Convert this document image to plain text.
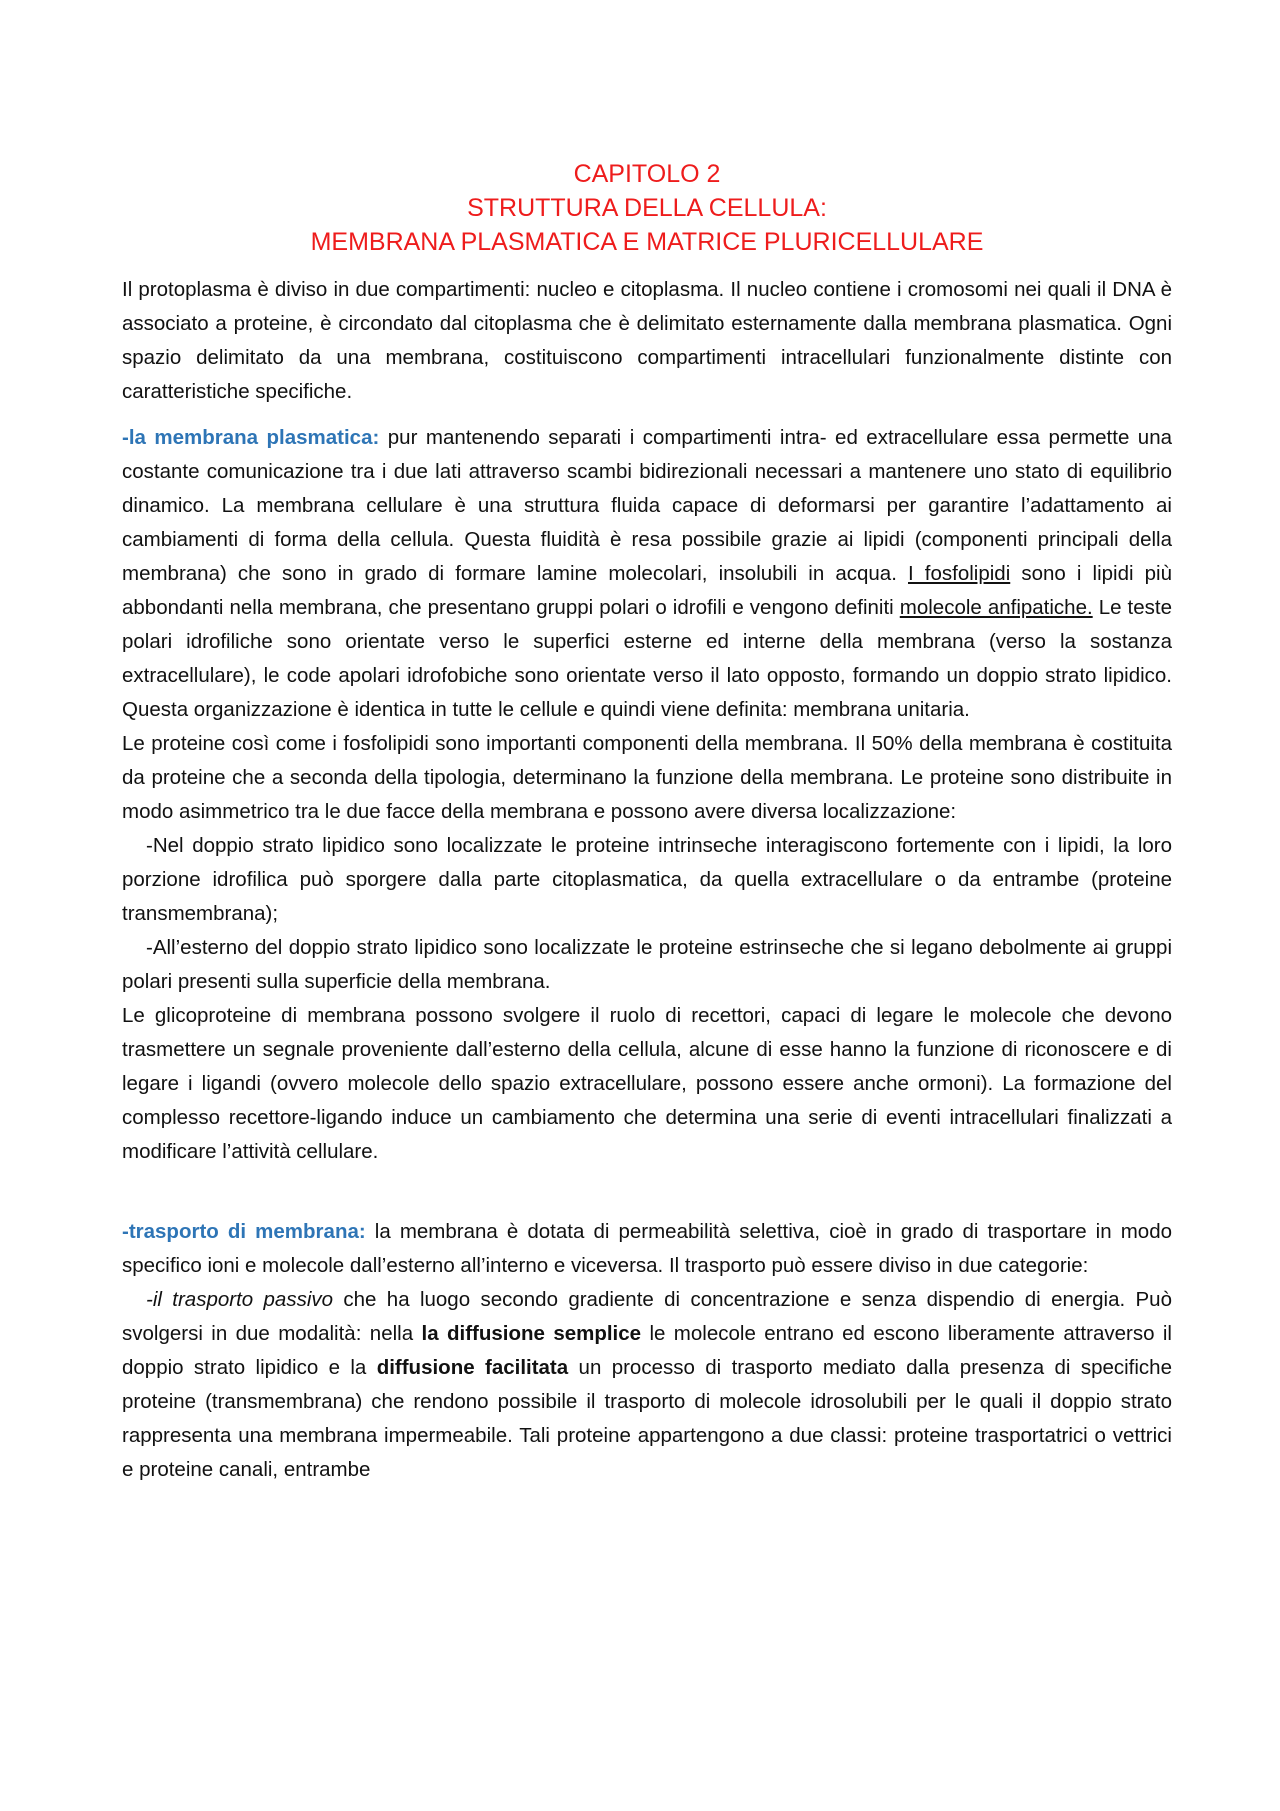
CAPITOLO 2
STRUTTURA DELLA CELLULA:
MEMBRANA PLASMATICA E MATRICE PLURICELLULARE

Il protoplasma è diviso in due compartimenti: nucleo e citoplasma. Il nucleo contiene i cromosomi nei quali il DNA è associato a proteine, è circondato dal citoplasma che è delimitato esternamente dalla membrana plasmatica. Ogni spazio delimitato da una membrana, costituiscono compartimenti intracellulari funzionalmente distinte con caratteristiche specifiche.

-la membrana plasmatica: pur mantenendo separati i compartimenti intra- ed extracellulare essa permette una costante comunicazione tra i due lati attraverso scambi bidirezionali necessari a mantenere uno stato di equilibrio dinamico. La membrana cellulare è una struttura fluida capace di deformarsi per garantire l’adattamento ai cambiamenti di forma della cellula. Questa fluidità è resa possibile grazie ai lipidi (componenti principali della membrana) che sono in grado di formare lamine molecolari, insolubili in acqua. I fosfolipidi sono i lipidi più abbondanti nella membrana, che presentano gruppi polari o idrofili e vengono definiti molecole anfipatiche. Le teste polari idrofiliche sono orientate verso le superfici esterne ed interne della membrana (verso la sostanza extracellulare), le code apolari idrofobiche sono orientate verso il lato opposto, formando un doppio strato lipidico. Questa organizzazione è identica in tutte le cellule e quindi viene definita: membrana unitaria.

Le proteine così come i fosfolipidi sono importanti componenti della membrana. Il 50% della membrana è costituita da proteine che a seconda della tipologia, determinano la funzione della membrana. Le proteine sono distribuite in modo asimmetrico tra le due facce della membrana e possono avere diversa localizzazione:

-Nel doppio strato lipidico sono localizzate le proteine intrinseche interagiscono fortemente con i lipidi, la loro porzione idrofilica può sporgere dalla parte citoplasmatica, da quella extracellulare o da entrambe (proteine transmembrana);

-All’esterno del doppio strato lipidico sono localizzate le proteine estrinseche che si legano debolmente ai gruppi polari presenti sulla superficie della membrana.

Le glicoproteine di membrana possono svolgere il ruolo di recettori, capaci di legare le molecole che devono trasmettere un segnale proveniente dall’esterno della cellula, alcune di esse hanno la funzione di riconoscere e di legare i ligandi (ovvero molecole dello spazio extracellulare, possono essere anche ormoni). La formazione del complesso recettore-ligando induce un cambiamento che determina una serie di eventi intracellulari finalizzati a modificare l’attività cellulare.

-trasporto di membrana: la membrana è dotata di permeabilità selettiva, cioè in grado di trasportare in modo specifico ioni e molecole dall’esterno all’interno e viceversa. Il trasporto può essere diviso in due categorie:

-il trasporto passivo che ha luogo secondo gradiente di concentrazione e senza dispendio di energia. Può svolgersi in due modalità: nella la diffusione semplice le molecole entrano ed escono liberamente attraverso il doppio strato lipidico e la diffusione facilitata un processo di trasporto mediato dalla presenza di specifiche proteine (transmembrana) che rendono possibile il trasporto di molecole idrosolubili per le quali il doppio strato rappresenta una membrana impermeabile. Tali proteine appartengono a due classi: proteine trasportatrici o vettrici e proteine canali, entrambe
